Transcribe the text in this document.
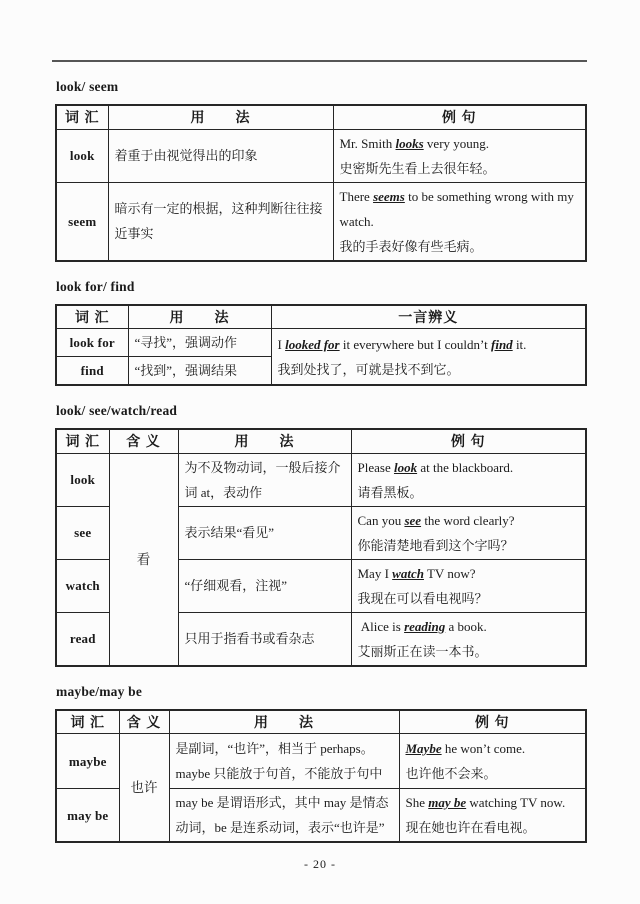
look/ seem
词 汇	用　　法	例 句
look	着重于由视觉得出的印象	Mr. Smith looks very young.
史密斯先生看上去很年轻。

seem	暗示有一定的根据，这种判断往往接近事实	There seems to be something wrong with my watch.
我的手表好像有些毛病。
look for/ find
词 汇	用　　法	一言辨义
look for	“寻找”，强调动作	I looked for it everywhere but I couldn’t find it.
我到处找了，可就是找不到它。

find	“找到”，强调结果	
look/ see/watch/read
词 汇	含 义	用　　法	例 句
look	看	为不及物动词，一般后接介词 at，表动作	Please look at the blackboard.
请看黑板。

see		表示结果“看见”	Can you see the word clearly?
你能清楚地看到这个字吗？

watch		“仔细观看，注视”	May I watch TV now?
我现在可以看电视吗？

read		只用于指看书或看杂志	Alice is reading a book.
艾丽斯正在读一本书。
maybe/may be
词 汇	含 义	用　　法	例 句
maybe	也许	是副词，“也许”，相当于 perhaps。maybe 只能放于句首，不能放于句中	Maybe he won’t come.
也许他不会来。

may be		may be 是谓语形式，其中 may 是情态动词，be 是连系动词，表示“也许是”	She may be watching TV now.
现在她也许在看电视。
- 20 -
